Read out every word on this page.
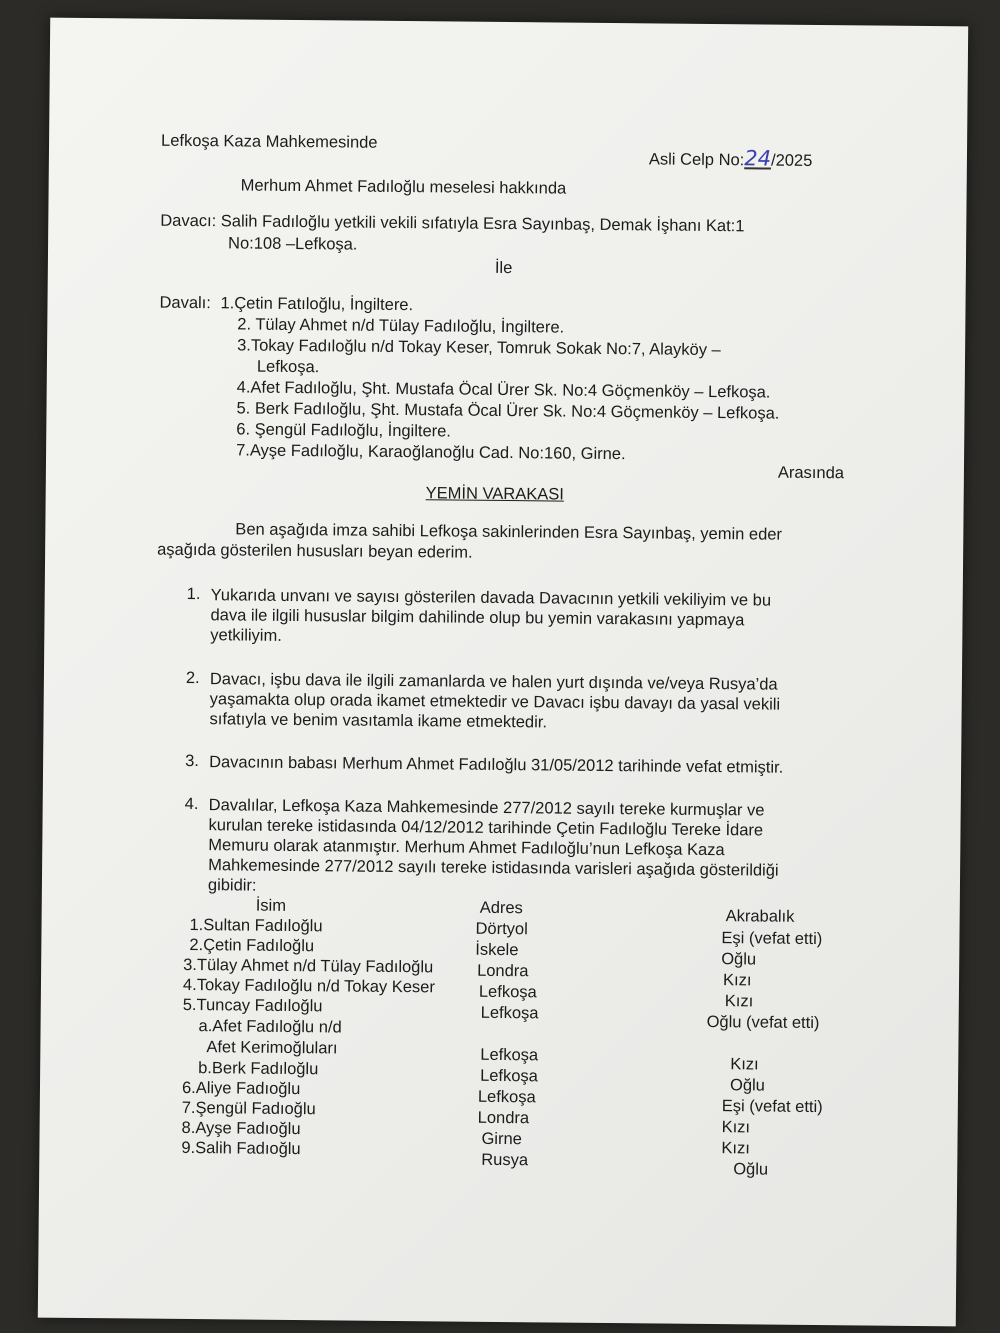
Lefkoşa Kaza Mahkemesinde
Asli Celp No:24/2025
Merhum Ahmet Fadıloğlu meselesi hakkında
Davacı: Salih Fadıloğlu yetkili vekili sıfatıyla Esra Sayınbaş, Demak İşhanı Kat:1
No:108 –Lefkoşa.
İle
Davalı: 1.Çetin Fatıloğlu, İngiltere.
2. Tülay Ahmet n/d Tülay Fadıloğlu, İngiltere.
3.Tokay Fadıloğlu n/d Tokay Keser, Tomruk Sokak No:7, Alayköy –
Lefkoşa.
4.Afet Fadıloğlu, Şht. Mustafa Öcal Ürer Sk. No:4 Göçmenköy – Lefkoşa.
5. Berk Fadıloğlu, Şht. Mustafa Öcal Ürer Sk. No:4 Göçmenköy – Lefkoşa.
6. Şengül Fadıloğlu, İngiltere.
7.Ayşe Fadıloğlu, Karaoğlanoğlu Cad. No:160, Girne.
Arasında
YEMİN VARAKASI
Ben aşağıda imza sahibi Lefkoşa sakinlerinden Esra Sayınbaş, yemin eder
aşağıda gösterilen hususları beyan ederim.
1. Yukarıda unvanı ve sayısı gösterilen davada Davacının yetkili vekiliyim ve bu
dava ile ilgili hususlar bilgim dahilinde olup bu yemin varakasını yapmaya
yetkiliyim.
2. Davacı, işbu dava ile ilgili zamanlarda ve halen yurt dışında ve/veya Rusya’da
yaşamakta olup orada ikamet etmektedir ve Davacı işbu davayı da yasal vekili
sıfatıyla ve benim vasıtamla ikame etmektedir.
3. Davacının babası Merhum Ahmet Fadıloğlu 31/05/2012 tarihinde vefat etmiştir.
4. Davalılar, Lefkoşa Kaza Mahkemesinde 277/2012 sayılı tereke kurmuşlar ve
kurulan tereke istidasında 04/12/2012 tarihinde Çetin Fadıloğlu Tereke İdare
Memuru olarak atanmıştır. Merhum Ahmet Fadıloğlu’nun Lefkoşa Kaza
Mahkemesinde 277/2012 sayılı tereke istidasında varisleri aşağıda gösterildiği
gibidir:
İsim	Adres	Akrabalık
1.Sultan Fadıloğlu
2.Çetin Fadıloğlu
3.Tülay Ahmet n/d Tülay Fadıloğlu
4.Tokay Fadıloğlu n/d Tokay Keser
5.Tuncay Fadıloğlu
a.Afet Fadıloğlu n/d
Afet Kerimoğluları
b.Berk Fadıloğlu
6.Aliye Fadıoğlu
7.Şengül Fadıoğlu
8.Ayşe Fadıoğlu
9.Salih Fadıoğlu
Dörtyol
İskele
Londra
Lefkoşa
Lefkoşa
Lefkoşa
Lefkoşa
Lefkoşa
Londra
Girne
Rusya
Eşi (vefat etti)
Oğlu
Kızı
Kızı
Oğlu (vefat etti)
Kızı
Oğlu
Eşi (vefat etti)
Kızı
Kızı
Oğlu
